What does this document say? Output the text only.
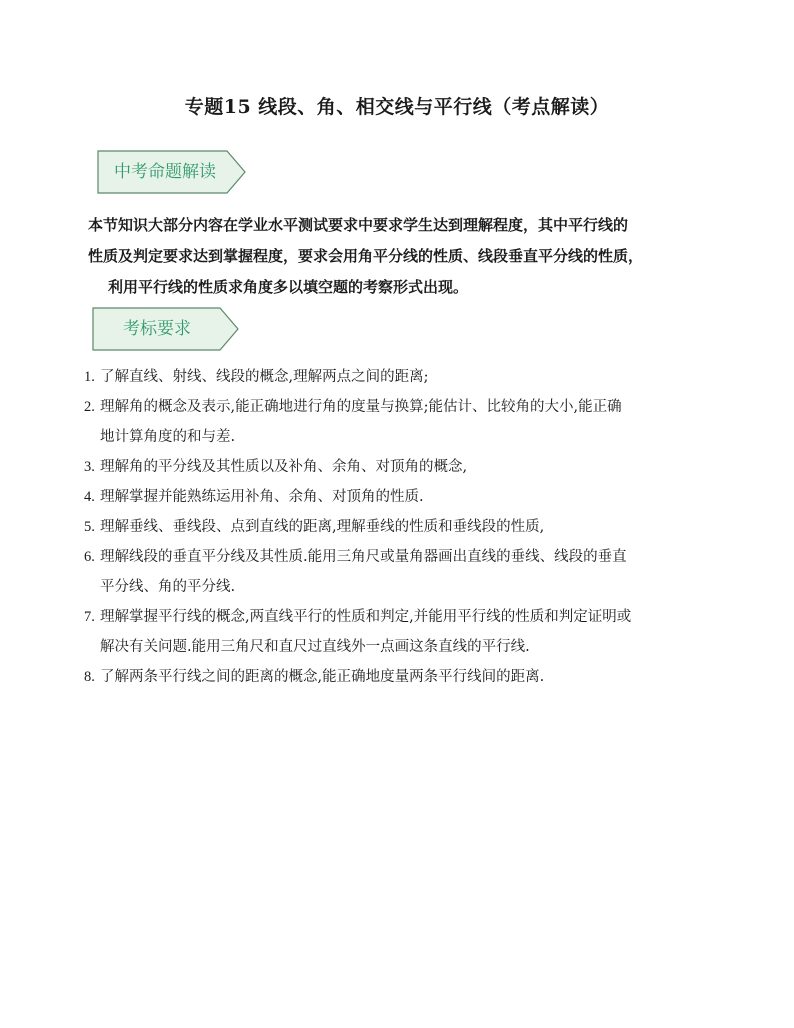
专题15 线段、角、相交线与平行线（考点解读）
中考命题解读
本节知识大部分内容在学业水平测试要求中要求学生达到理解程度，其中平行线的
性质及判定要求达到掌握程度，要求会用角平分线的性质、线段垂直平分线的性质，
利用平行线的性质求角度多以填空题的考察形式出现。
考标要求
1. 了解直线、射线、线段的概念,理解两点之间的距离;
2. 理解角的概念及表示,能正确地进行角的度量与换算;能估计、比较角的大小,能正确
地计算角度的和与差.
3. 理解角的平分线及其性质以及补角、余角、对顶角的概念,
4. 理解掌握并能熟练运用补角、余角、对顶角的性质.
5. 理解垂线、垂线段、点到直线的距离,理解垂线的性质和垂线段的性质,
6. 理解线段的垂直平分线及其性质.能用三角尺或量角器画出直线的垂线、线段的垂直
平分线、角的平分线.
7. 理解掌握平行线的概念,两直线平行的性质和判定,并能用平行线的性质和判定证明或
解决有关问题.能用三角尺和直尺过直线外一点画这条直线的平行线.
8. 了解两条平行线之间的距离的概念,能正确地度量两条平行线间的距离.
